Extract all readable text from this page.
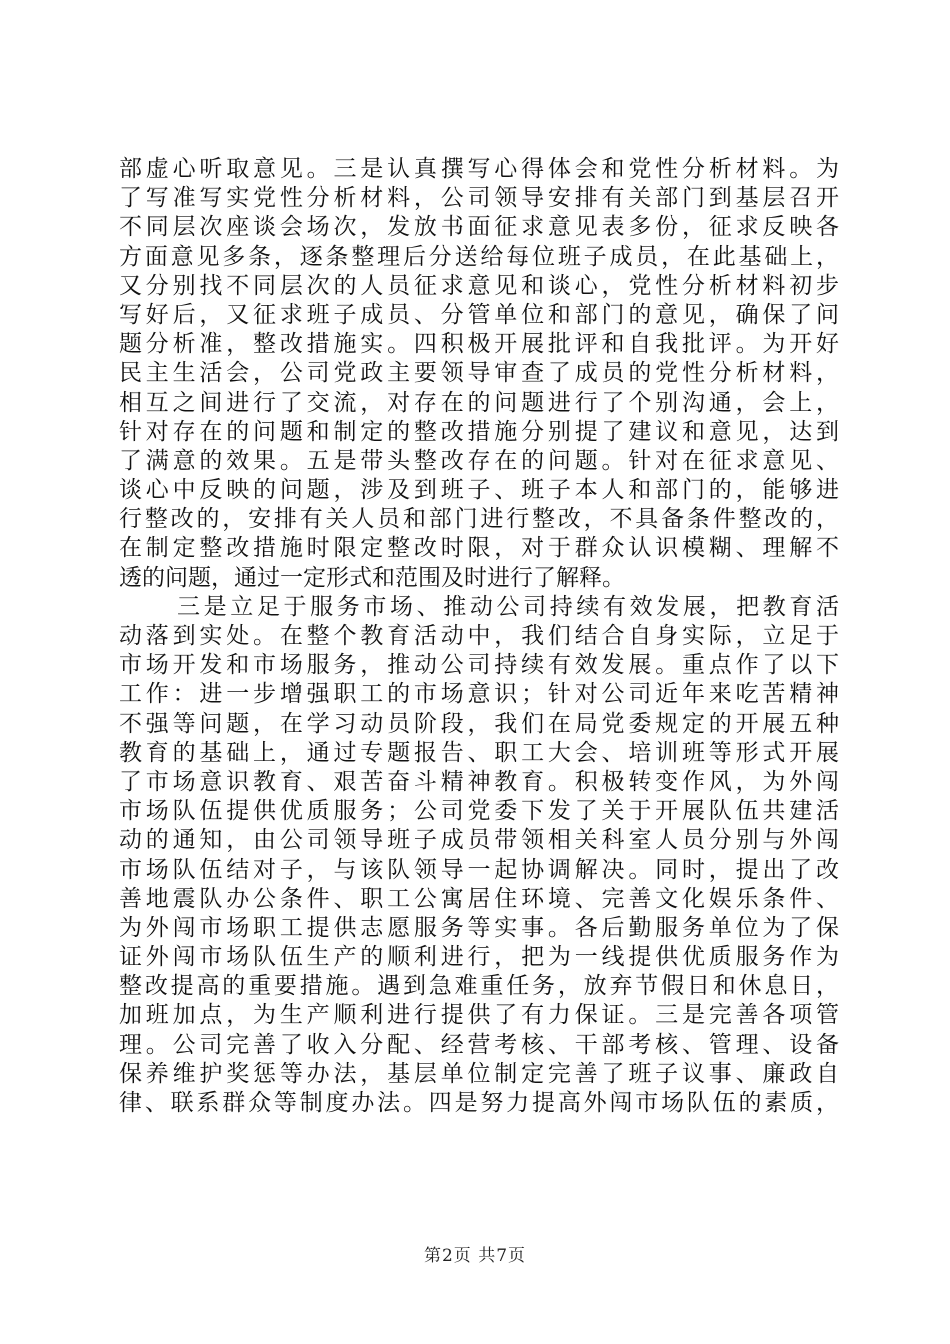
部虚心听取意见。三是认真撰写心得体会和党性分析材料。为
了写准写实党性分析材料，公司领导安排有关部门到基层召开
不同层次座谈会场次，发放书面征求意见表多份，征求反映各
方面意见多条，逐条整理后分送给每位班子成员，在此基础上，
又分别找不同层次的人员征求意见和谈心，党性分析材料初步
写好后，又征求班子成员、分管单位和部门的意见，确保了问
题分析准，整改措施实。四积极开展批评和自我批评。为开好
民主生活会，公司党政主要领导审查了成员的党性分析材料，
相互之间进行了交流，对存在的问题进行了个别沟通，会上，
针对存在的问题和制定的整改措施分别提了建议和意见，达到
了满意的效果。五是带头整改存在的问题。针对在征求意见、
谈心中反映的问题，涉及到班子、班子本人和部门的，能够进
行整改的，安排有关人员和部门进行整改，不具备条件整改的，
在制定整改措施时限定整改时限，对于群众认识模糊、理解不
透的问题，通过一定形式和范围及时进行了解释。
三是立足于服务市场、推动公司持续有效发展，把教育活
动落到实处。在整个教育活动中，我们结合自身实际，立足于
市场开发和市场服务，推动公司持续有效发展。重点作了以下
工作：进一步增强职工的市场意识；针对公司近年来吃苦精神
不强等问题，在学习动员阶段，我们在局党委规定的开展五种
教育的基础上，通过专题报告、职工大会、培训班等形式开展
了市场意识教育、艰苦奋斗精神教育。积极转变作风，为外闯
市场队伍提供优质服务；公司党委下发了关于开展队伍共建活
动的通知，由公司领导班子成员带领相关科室人员分别与外闯
市场队伍结对子，与该队领导一起协调解决。同时，提出了改
善地震队办公条件、职工公寓居住环境、完善文化娱乐条件、
为外闯市场职工提供志愿服务等实事。各后勤服务单位为了保
证外闯市场队伍生产的顺利进行，把为一线提供优质服务作为
整改提高的重要措施。遇到急难重任务，放弃节假日和休息日，
加班加点，为生产顺利进行提供了有力保证。三是完善各项管
理。公司完善了收入分配、经营考核、干部考核、管理、设备
保养维护奖惩等办法，基层单位制定完善了班子议事、廉政自
律、联系群众等制度办法。四是努力提高外闯市场队伍的素质，

第2页 共7页
